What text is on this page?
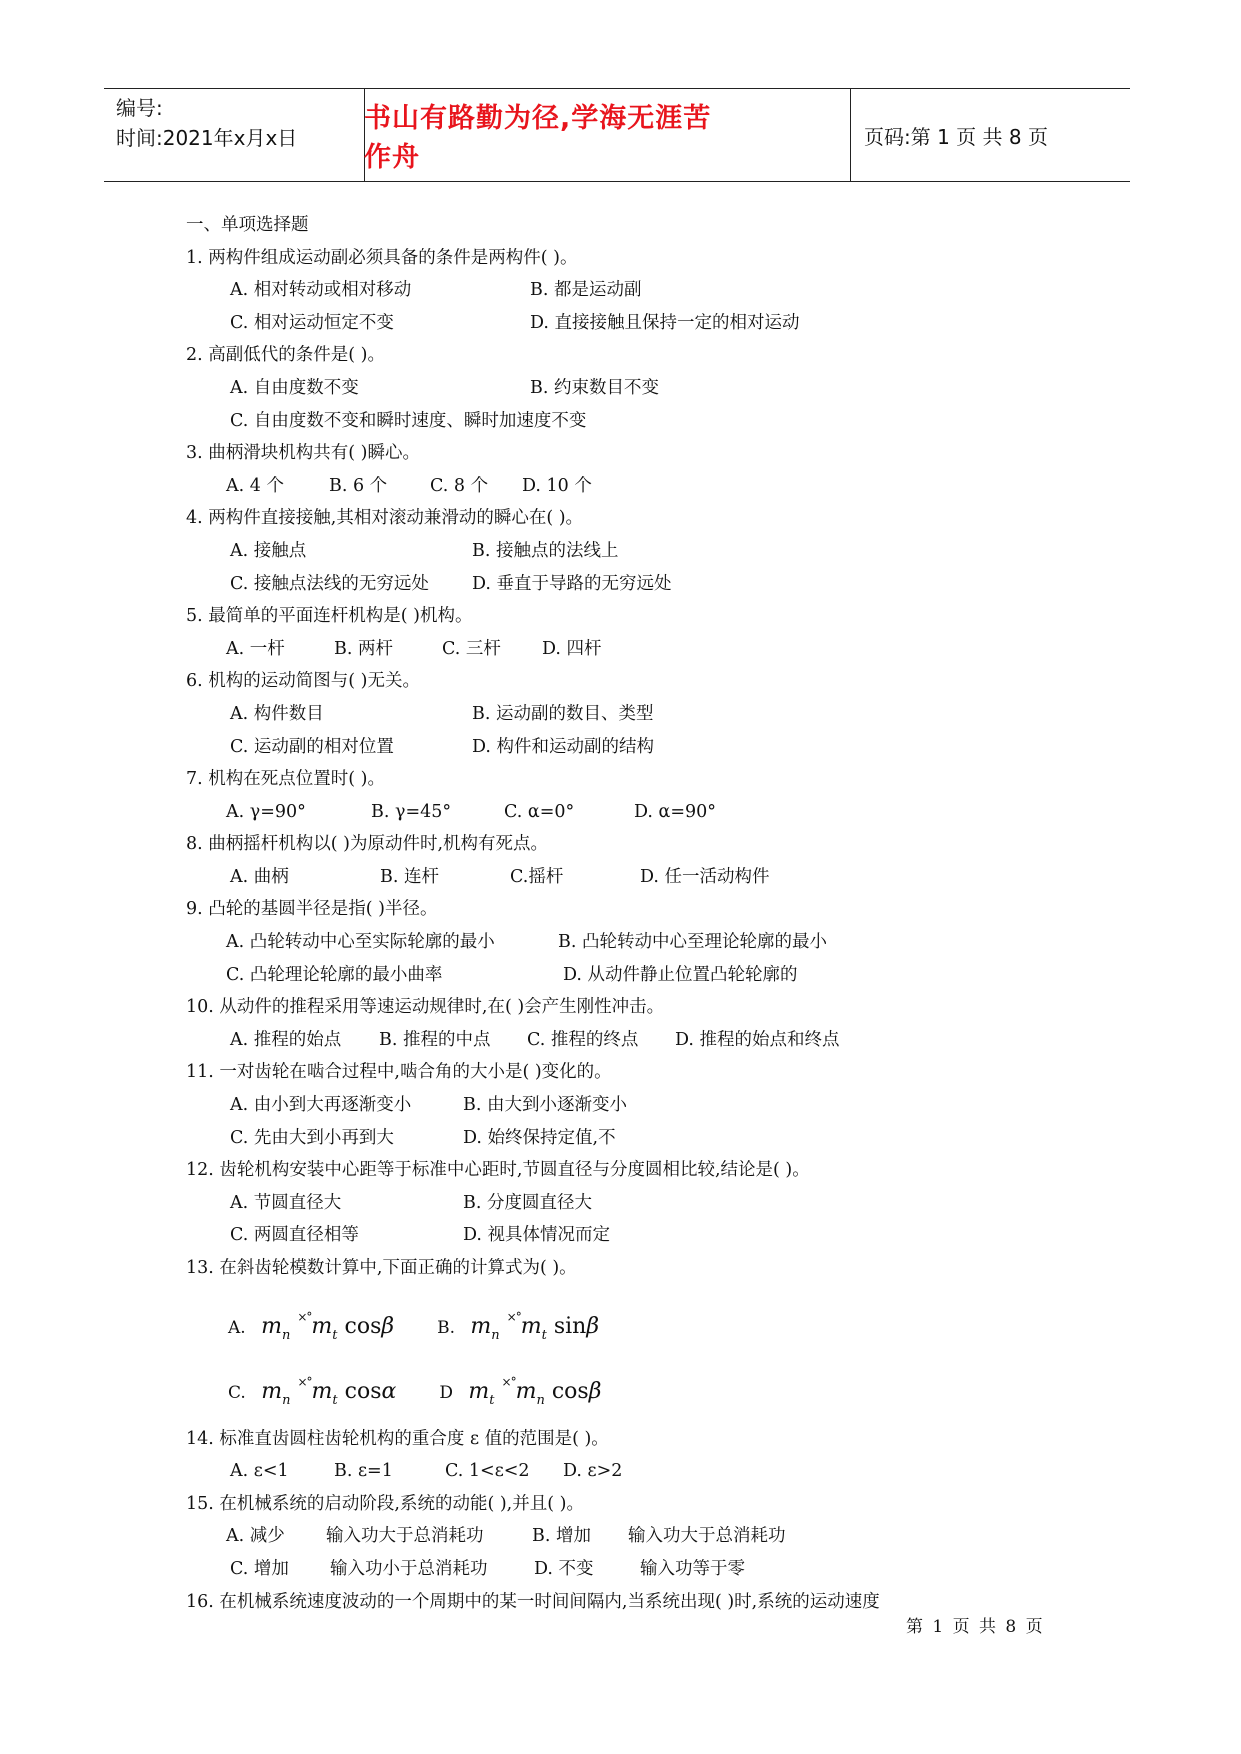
编号:
时间:2021年x月x日
书山有路勤为径,学海无涯苦作舟
页码:第 1 页 共 8 页
一、单项选择题
1. 两构件组成运动副必须具备的条件是两构件( )。
A. 相对转动或相对移动	B. 都是运动副
C. 相对运动恒定不变	D. 直接接触且保持一定的相对运动
2. 高副低代的条件是( )。
A. 自由度数不变	B. 约束数目不变
C. 自由度数不变和瞬时速度、瞬时加速度不变
3. 曲柄滑块机构共有( )瞬心。
A. 4 个	B. 6 个	C. 8 个	D. 10 个
4. 两构件直接接触,其相对滚动兼滑动的瞬心在( )。
A. 接触点	B. 接触点的法线上
C. 接触点法线的无穷远处	D. 垂直于导路的无穷远处
5. 最简单的平面连杆机构是( )机构。
A. 一杆	B. 两杆	C. 三杆	D. 四杆
6. 机构的运动简图与( )无关。
A. 构件数目	B. 运动副的数目、类型
C. 运动副的相对位置	D. 构件和运动副的结构
7. 机构在死点位置时( )。
A. γ=90°	B. γ=45°	C. α=0°	D. α=90°
8. 曲柄摇杆机构以( )为原动件时,机构有死点。
A. 曲柄	B. 连杆	C.摇杆	D. 任一活动构件
9. 凸轮的基圆半径是指( )半径。
A. 凸轮转动中心至实际轮廓的最小	B. 凸轮转动中心至理论轮廓的最小
C. 凸轮理论轮廓的最小曲率	D. 从动件静止位置凸轮轮廓的
10. 从动件的推程采用等速运动规律时,在( )会产生刚性冲击。
A. 推程的始点	B. 推程的中点	C. 推程的终点	D. 推程的始点和终点
11. 一对齿轮在啮合过程中,啮合角的大小是( )变化的。
A. 由小到大再逐渐变小	B. 由大到小逐渐变小
C. 先由大到小再到大	D. 始终保持定值,不
12. 齿轮机构安装中心距等于标准中心距时,节圆直径与分度圆相比较,结论是( )。
A. 节圆直径大	B. 分度圆直径大
C. 两圆直径相等	D. 视具体情况而定
13. 在斜齿轮模数计算中,下面正确的计算式为( )。
A. $m_n$ $^{\times^\circ}m_t$ cosβ	B. $m_n$ $^{\times^\circ}m_t$ sinβ
C. $m_n$ $^{\times^\circ}m_t$ cosα	D $m_t$ $^{\times^\circ}m_n$ cosβ
14. 标准直齿圆柱齿轮机构的重合度 ε 值的范围是( )。
A. ε<1	B. ε=1	C. 1<ε<2	D. ε>2
15. 在机械系统的启动阶段,系统的动能( ),并且( )。
A. 减少	输入功大于总消耗功	B. 增加	输入功大于总消耗功
C. 增加	输入功小于总消耗功	D. 不变	输入功等于零
16. 在机械系统速度波动的一个周期中的某一时间间隔内,当系统出现( )时,系统的运动速度
第 1 页 共 8 页
